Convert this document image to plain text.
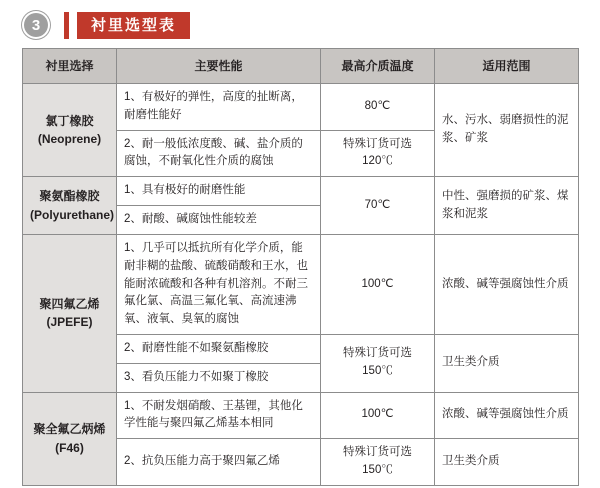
3	衬里选型表
衬里选择	主要性能	最高介质温度	适用范围

氯丁橡胶
(Neoprene)	1、有极好的弹性，高度的扯断离，耐磨性能好	80℃	水、污水、弱磨损性的泥浆、矿浆
	2、耐一般低浓度酸、碱、盐介质的腐蚀，不耐氧化性介质的腐蚀	特殊订货可选120℃	

聚氨酯橡胶
(Polyurethane)	1、具有极好的耐磨性能	70℃	中性、强磨损的矿浆、煤浆和泥浆
	2、耐酸、碱腐蚀性能较差		

聚四氟乙烯
(JPEFE)	1、几乎可以抵抗所有化学介质，能耐非糊的盐酸、硫酸硝酸和王水，也能耐浓硫酸和各种有机溶剂。不耐三氟化氯、高温三氟化氧、高流速沸氧、液氧、臭氧的腐蚀	100℃	浓酸、碱等强腐蚀性介质
	2、耐磨性能不如聚氨酯橡胶	特殊订货可选150℃	卫生类介质
	3、看负压能力不如聚丁橡胶		

聚全氟乙炳烯
(F46)	1、不耐发烟硝酸、王基锂，其他化学性能与聚四氟乙烯基本相同	100℃	浓酸、碱等强腐蚀性介质
	2、抗负压能力高于聚四氟乙烯	特殊订货可选150℃	卫生类介质
